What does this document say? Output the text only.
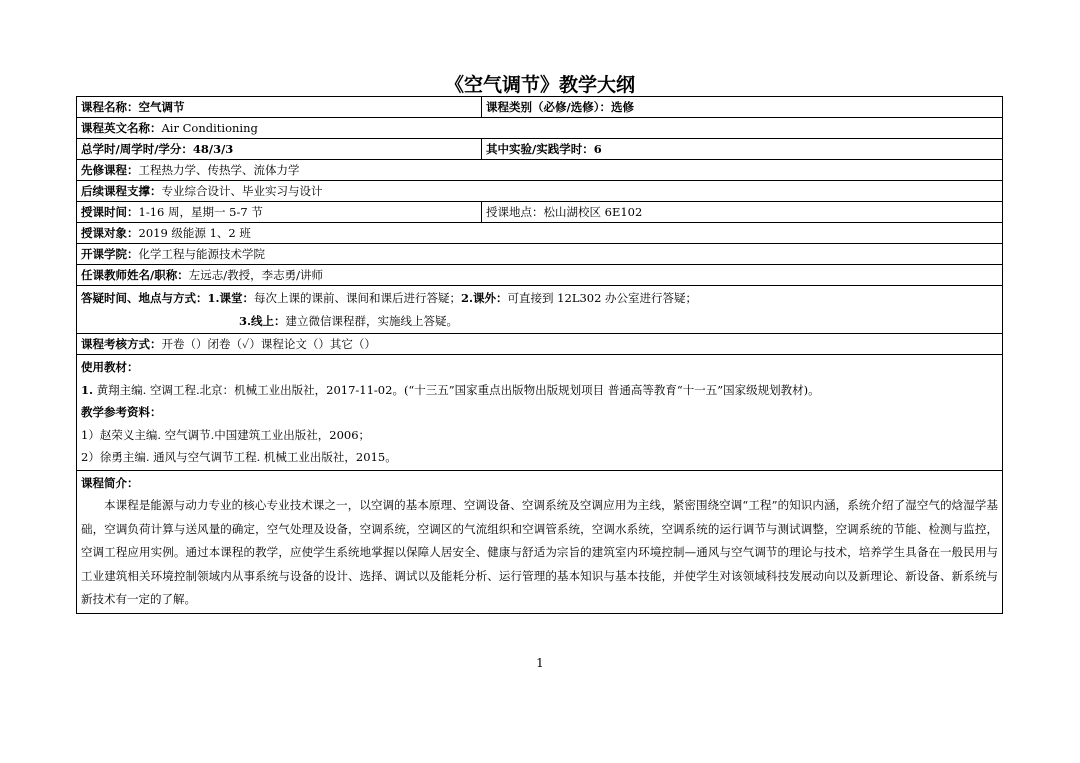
《空气调节》教学大纲
课程名称：空气调节	课程类别（必修/选修）：选修
课程英文名称：Air Conditioning	
总学时/周学时/学分：48/3/3	其中实验/实践学时：6
先修课程：工程热力学、传热学、流体力学	
后续课程支撑：专业综合设计、毕业实习与设计	
授课时间：1-16 周，星期一 5-7 节	授课地点：松山湖校区 6E102
授课对象：2019 级能源 1、2 班	
开课学院：化学工程与能源技术学院	
任课教师姓名/职称：左远志/教授，李志勇/讲师	

答疑时间、地点与方式：1.课堂：每次上课的课前、课间和课后进行答疑；2.课外：可直接到 12L302 办公室进行答疑；
3.线上：建立微信课程群，实施线上答疑。	

课程考核方式：开卷（）闭卷（✓）课程论文（）其它（）	

使用教材：
1. 黄翔主编. 空调工程.北京：机械工业出版社，2017-11-02。(“十三五”国家重点出版物出版规划项目 普通高等教育“十一五”国家级规划教材)。
教学参考资料：
1）赵荣义主编. 空气调节.中国建筑工业出版社，2006；
2）徐勇主编. 通风与空气调节工程. 机械工业出版社，2015。	

课程简介：
本课程是能源与动力专业的核心专业技术课之一，以空调的基本原理、空调设备、空调系统及空调应用为主线，紧密围绕空调“工程”的知识内涵，系统介绍了湿空气的焓湿学基础，空调负荷计算与送风量的确定，空气处理及设备，空调系统，空调区的气流组织和空调管系统，空调水系统，空调系统的运行调节与测试调整，空调系统的节能、检测与监控，空调工程应用实例。通过本课程的教学，应使学生系统地掌握以保障人居安全、健康与舒适为宗旨的建筑室内环境控制—通风与空气调节的理论与技术，培养学生具备在一般民用与工业建筑相关环境控制领域内从事系统与设备的设计、选择、调试以及能耗分析、运行管理的基本知识与基本技能，并使学生对该领域科技发展动向以及新理论、新设备、新系统与新技术有一定的了解。	
1
